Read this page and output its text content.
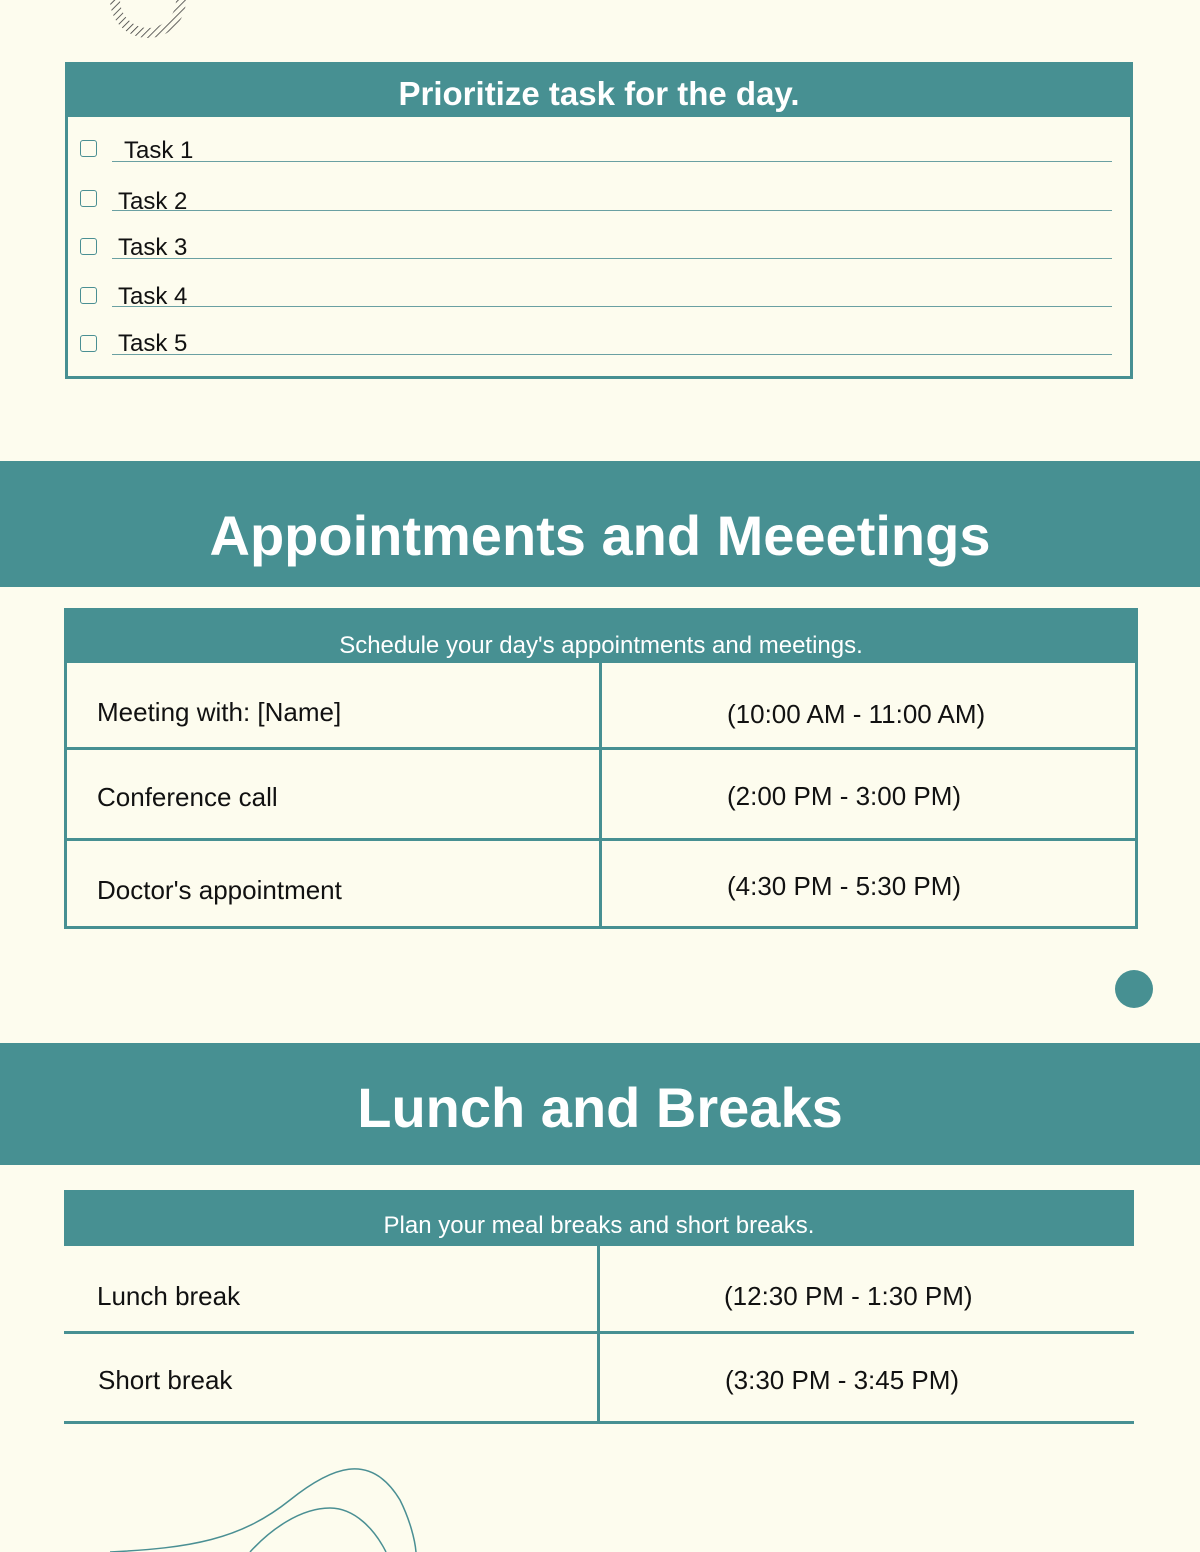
Prioritize task for the day.
Task 1
Task 2
Task 3
Task 4
Task 5
Appointments and Meeetings
Schedule your day's appointments and meetings.
Meeting with: [Name]	(10:00 AM - 11:00 AM)
Conference call	(2:00 PM - 3:00 PM)
Doctor's appointment	(4:30 PM - 5:30 PM)
Lunch and Breaks
Plan your meal breaks and short breaks.
Lunch break	(12:30 PM - 1:30 PM)
Short break	(3:30 PM - 3:45 PM)
